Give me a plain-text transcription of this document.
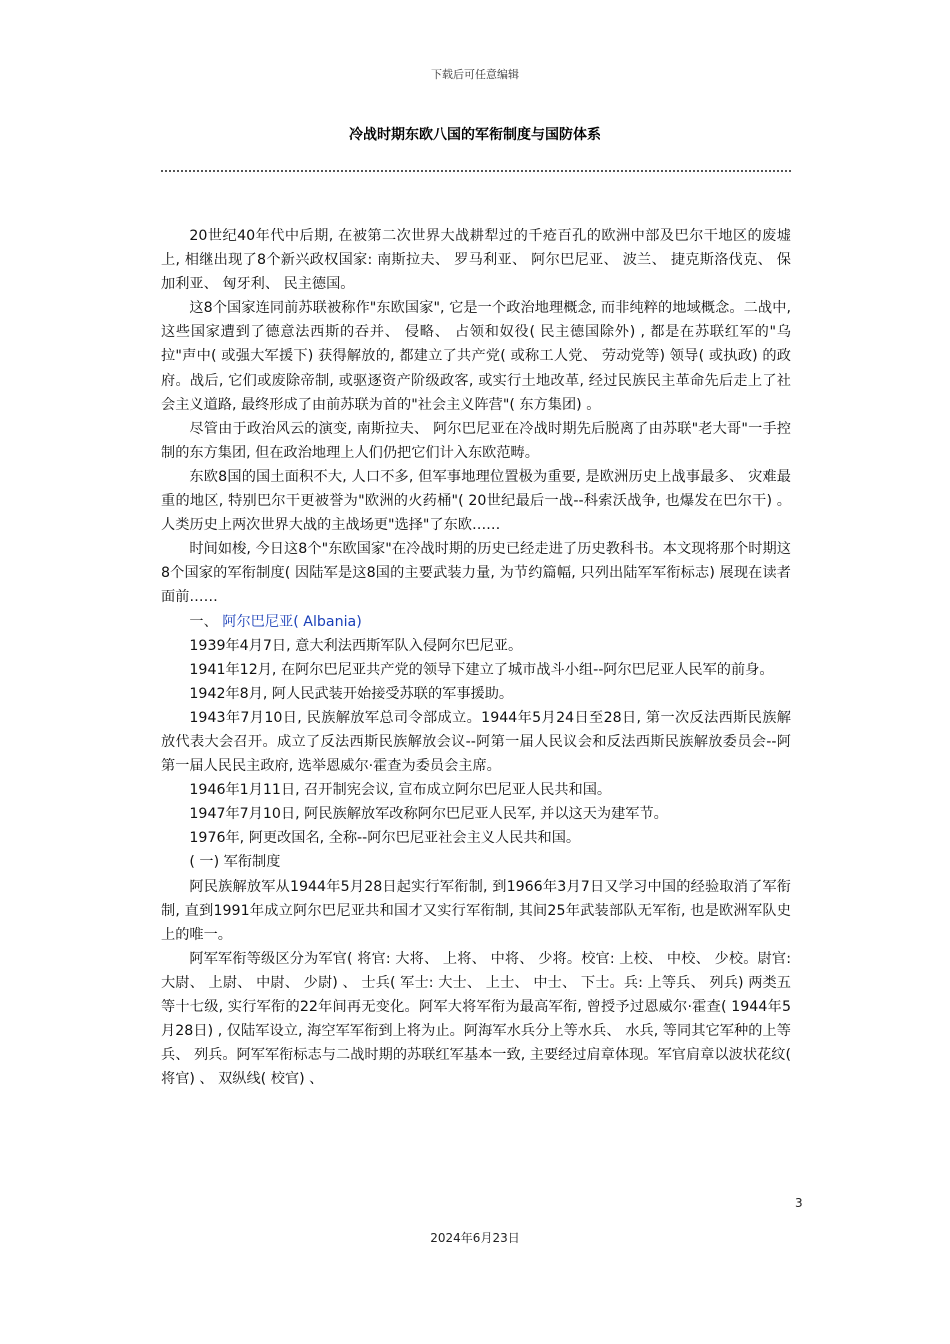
下载后可任意编辑
冷战时期东欧八国的军衔制度与国防体系

20世纪40年代中后期, 在被第二次世界大战耕犁过的千疮百孔的欧洲中部及巴尔干地区的废墟上, 相继出现了8个新兴政权国家: 南斯拉夫、 罗马利亚、 阿尔巴尼亚、 波兰、 捷克斯洛伐克、 保加利亚、 匈牙利、 民主德国。

这8个国家连同前苏联被称作"东欧国家", 它是一个政治地理概念, 而非纯粹的地域概念。二战中, 这些国家遭到了德意法西斯的吞并、 侵略、 占领和奴役( 民主德国除外) , 都是在苏联红军的"乌拉"声中( 或强大军援下) 获得解放的, 都建立了共产党( 或称工人党、 劳动党等) 领导( 或执政) 的政府。战后, 它们或废除帝制, 或驱逐资产阶级政客, 或实行土地改革, 经过民族民主革命先后走上了社会主义道路, 最终形成了由前苏联为首的"社会主义阵营"( 东方集团) 。

尽管由于政治风云的演变, 南斯拉夫、 阿尔巴尼亚在冷战时期先后脱离了由苏联"老大哥"一手控制的东方集团, 但在政治地理上人们仍把它们计入东欧范畴。

东欧8国的国土面积不大, 人口不多, 但军事地理位置极为重要, 是欧洲历史上战事最多、 灾难最重的地区, 特别巴尔干更被誉为"欧洲的火药桶"( 20世纪最后一战--科索沃战争, 也爆发在巴尔干) 。人类历史上两次世界大战的主战场更"选择"了东欧……

时间如梭, 今日这8个"东欧国家"在冷战时期的历史已经走进了历史教科书。本文现将那个时期这8个国家的军衔制度( 因陆军是这8国的主要武装力量, 为节约篇幅, 只列出陆军军衔标志) 展现在读者面前……

一、 阿尔巴尼亚( Albania)

1939年4月7日, 意大利法西斯军队入侵阿尔巴尼亚。

1941年12月, 在阿尔巴尼亚共产党的领导下建立了城市战斗小组--阿尔巴尼亚人民军的前身。

1942年8月, 阿人民武装开始接受苏联的军事援助。

1943年7月10日, 民族解放军总司令部成立。1944年5月24日至28日, 第一次反法西斯民族解放代表大会召开。成立了反法西斯民族解放会议--阿第一届人民议会和反法西斯民族解放委员会--阿第一届人民民主政府, 选举恩威尔·霍查为委员会主席。

1946年1月11日, 召开制宪会议, 宣布成立阿尔巴尼亚人民共和国。

1947年7月10日, 阿民族解放军改称阿尔巴尼亚人民军, 并以这天为建军节。

1976年, 阿更改国名, 全称--阿尔巴尼亚社会主义人民共和国。

( 一) 军衔制度

阿民族解放军从1944年5月28日起实行军衔制, 到1966年3月7日又学习中国的经验取消了军衔制, 直到1991年成立阿尔巴尼亚共和国才又实行军衔制, 其间25年武装部队无军衔, 也是欧洲军队史上的唯一。

阿军军衔等级区分为军官( 将官: 大将、 上将、 中将、 少将。校官: 上校、 中校、 少校。尉官: 大尉、 上尉、 中尉、 少尉) 、 士兵( 军士: 大士、 上士、 中士、 下士。兵: 上等兵、 列兵) 两类五等十七级, 实行军衔的22年间再无变化。阿军大将军衔为最高军衔, 曾授予过恩威尔·霍查( 1944年5月28日) , 仅陆军设立, 海空军军衔到上将为止。阿海军水兵分上等水兵、 水兵, 等同其它军种的上等兵、 列兵。阿军军衔标志与二战时期的苏联红军基本一致, 主要经过肩章体现。军官肩章以波状花纹( 将官) 、 双纵线( 校官) 、

3
2024年6月23日
